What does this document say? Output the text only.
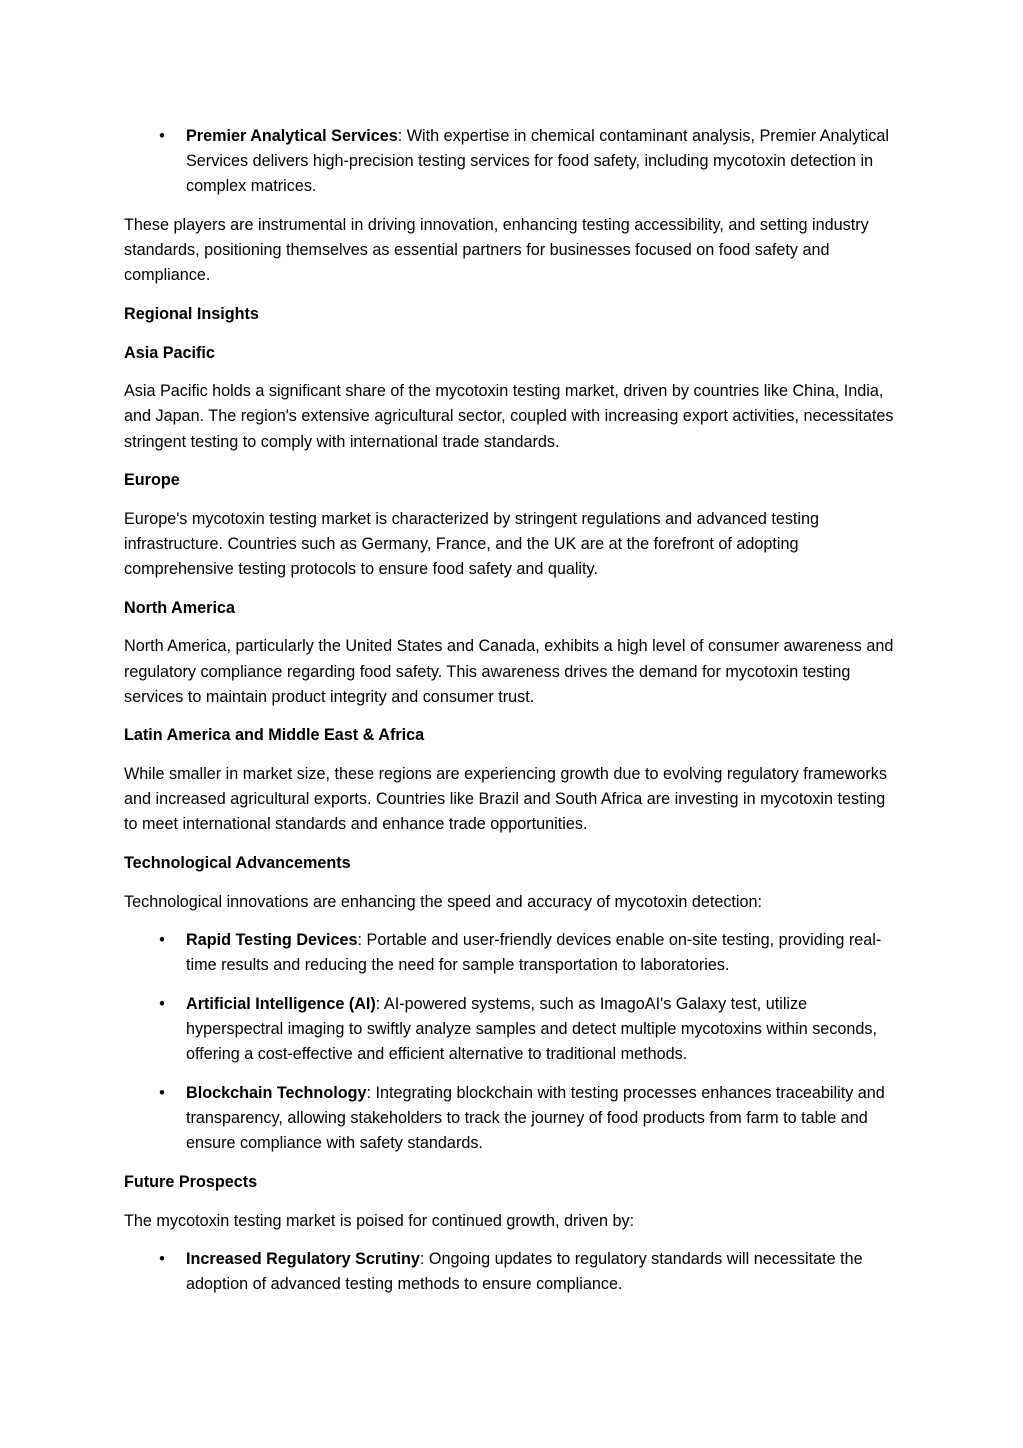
• Premier Analytical Services: With expertise in chemical contaminant analysis, Premier Analytical Services delivers high-precision testing services for food safety, including mycotoxin detection in complex matrices.

These players are instrumental in driving innovation, enhancing testing accessibility, and setting industry standards, positioning themselves as essential partners for businesses focused on food safety and compliance.

Regional Insights

Asia Pacific

Asia Pacific holds a significant share of the mycotoxin testing market, driven by countries like China, India, and Japan. The region's extensive agricultural sector, coupled with increasing export activities, necessitates stringent testing to comply with international trade standards.

Europe

Europe's mycotoxin testing market is characterized by stringent regulations and advanced testing infrastructure. Countries such as Germany, France, and the UK are at the forefront of adopting comprehensive testing protocols to ensure food safety and quality.

North America

North America, particularly the United States and Canada, exhibits a high level of consumer awareness and regulatory compliance regarding food safety. This awareness drives the demand for mycotoxin testing services to maintain product integrity and consumer trust.

Latin America and Middle East & Africa

While smaller in market size, these regions are experiencing growth due to evolving regulatory frameworks and increased agricultural exports. Countries like Brazil and South Africa are investing in mycotoxin testing to meet international standards and enhance trade opportunities.

Technological Advancements

Technological innovations are enhancing the speed and accuracy of mycotoxin detection:

• Rapid Testing Devices: Portable and user-friendly devices enable on-site testing, providing real-time results and reducing the need for sample transportation to laboratories.
• Artificial Intelligence (AI): AI-powered systems, such as ImagoAI's Galaxy test, utilize hyperspectral imaging to swiftly analyze samples and detect multiple mycotoxins within seconds, offering a cost-effective and efficient alternative to traditional methods.
• Blockchain Technology: Integrating blockchain with testing processes enhances traceability and transparency, allowing stakeholders to track the journey of food products from farm to table and ensure compliance with safety standards.

Future Prospects

The mycotoxin testing market is poised for continued growth, driven by:

• Increased Regulatory Scrutiny: Ongoing updates to regulatory standards will necessitate the adoption of advanced testing methods to ensure compliance.
